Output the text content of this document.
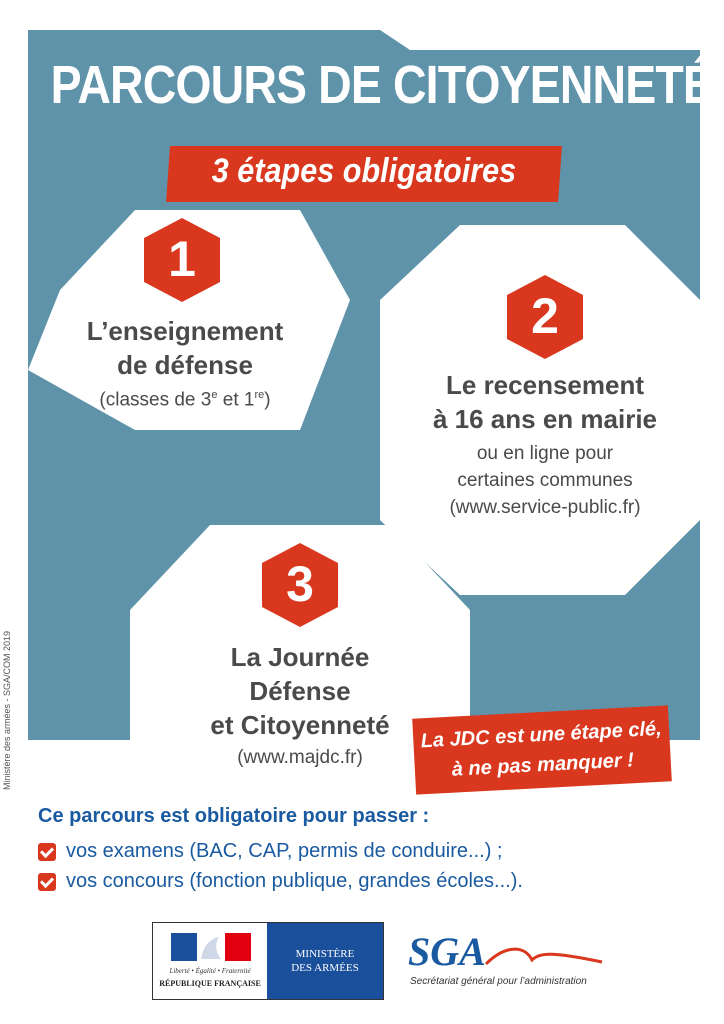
PARCOURS DE CITOYENNETÉ
3 étapes obligatoires
1
L’enseignement
de défense
(classes de 3e et 1re)
2
Le recensement
à 16 ans en mairie
ou en ligne pour
certaines communes
(www.service-public.fr)
3
La Journée
Défense
et Citoyenneté
(www.majdc.fr)
La JDC est une étape clé,
à ne pas manquer !
Ministère des armées - SGA/COM 2019
Ce parcours est obligatoire pour passer :
vos examens (BAC, CAP, permis de conduire...) ;
vos concours (fonction publique, grandes écoles...).
Liberté • Égalité • Fraternité
RÉPUBLIQUE FRANÇAISE
MINISTÈRE
DES ARMÉES	SGA
Secrétariat général pour l’administration
